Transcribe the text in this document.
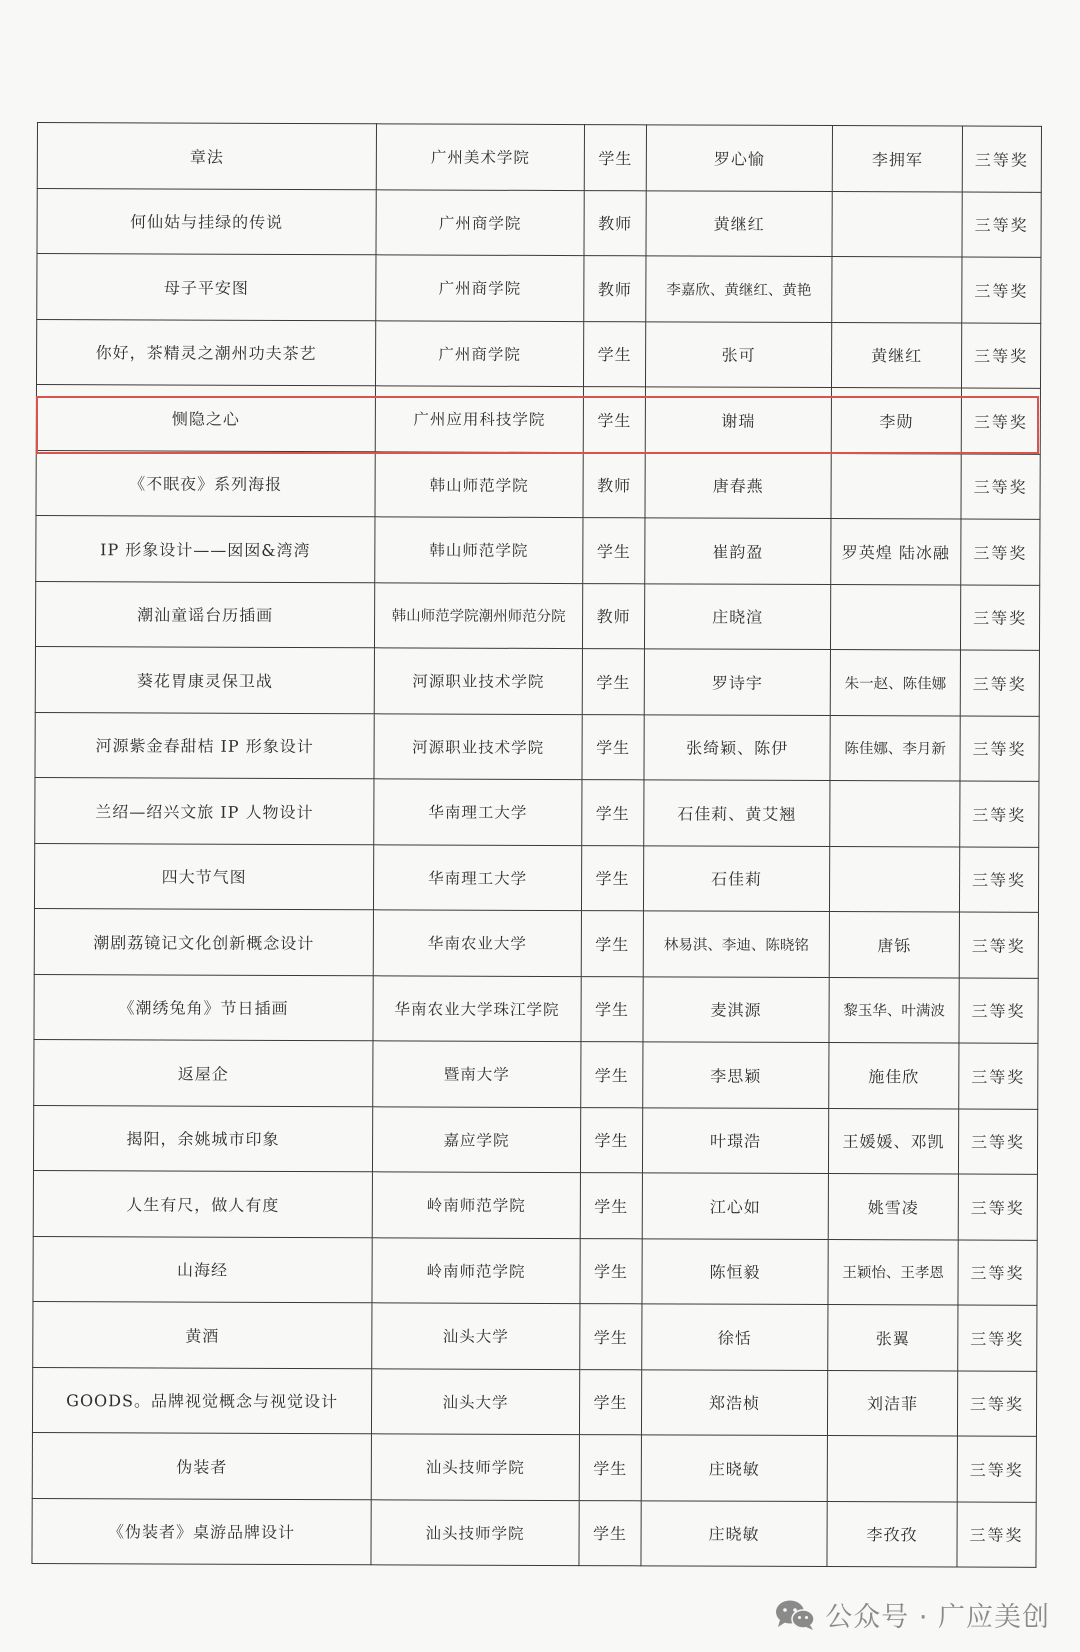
章法	广州美术学院	学生	罗心愉	李拥军	三等奖
何仙姑与挂绿的传说	广州商学院	教师	黄继红		三等奖
母子平安图	广州商学院	教师	李嘉欣、黄继红、黄艳		三等奖
你好，茶精灵之潮州功夫茶艺	广州商学院	学生	张可	黄继红	三等奖
恻隐之心	广州应用科技学院	学生	谢瑞	李勋	三等奖
《不眠夜》系列海报	韩山师范学院	教师	唐春燕		三等奖
IP 形象设计——囡囡&湾湾	韩山师范学院	学生	崔韵盈	罗英煌 陆冰融	三等奖
潮汕童谣台历插画	韩山师范学院潮州师范分院	教师	庄晓渲		三等奖
葵花胃康灵保卫战	河源职业技术学院	学生	罗诗宇	朱一赵、陈佳娜	三等奖
河源紫金春甜桔 IP 形象设计	河源职业技术学院	学生	张绮颖、陈伊	陈佳娜、李月新	三等奖
兰绍—绍兴文旅 IP 人物设计	华南理工大学	学生	石佳莉、黄艾翘		三等奖
四大节气图	华南理工大学	学生	石佳莉		三等奖
潮剧荔镜记文化创新概念设计	华南农业大学	学生	林易淇、李迪、陈晓铭	唐铄	三等奖
《潮绣兔角》节日插画	华南农业大学珠江学院	学生	麦淇源	黎玉华、叶满波	三等奖
返屋企	暨南大学	学生	李思颖	施佳欣	三等奖
揭阳，余姚城市印象	嘉应学院	学生	叶璟浩	王媛媛、邓凯	三等奖
人生有尺，做人有度	岭南师范学院	学生	江心如	姚雪凌	三等奖
山海经	岭南师范学院	学生	陈恒毅	王颖怡、王孝恩	三等奖
黄酒	汕头大学	学生	徐恬	张翼	三等奖
GOODS。品牌视觉概念与视觉设计	汕头大学	学生	郑浩桢	刘洁菲	三等奖
伪装者	汕头技师学院	学生	庄晓敏		三等奖
《伪装者》桌游品牌设计	汕头技师学院	学生	庄晓敏	李孜孜	三等奖
公众号 · 广应美创
